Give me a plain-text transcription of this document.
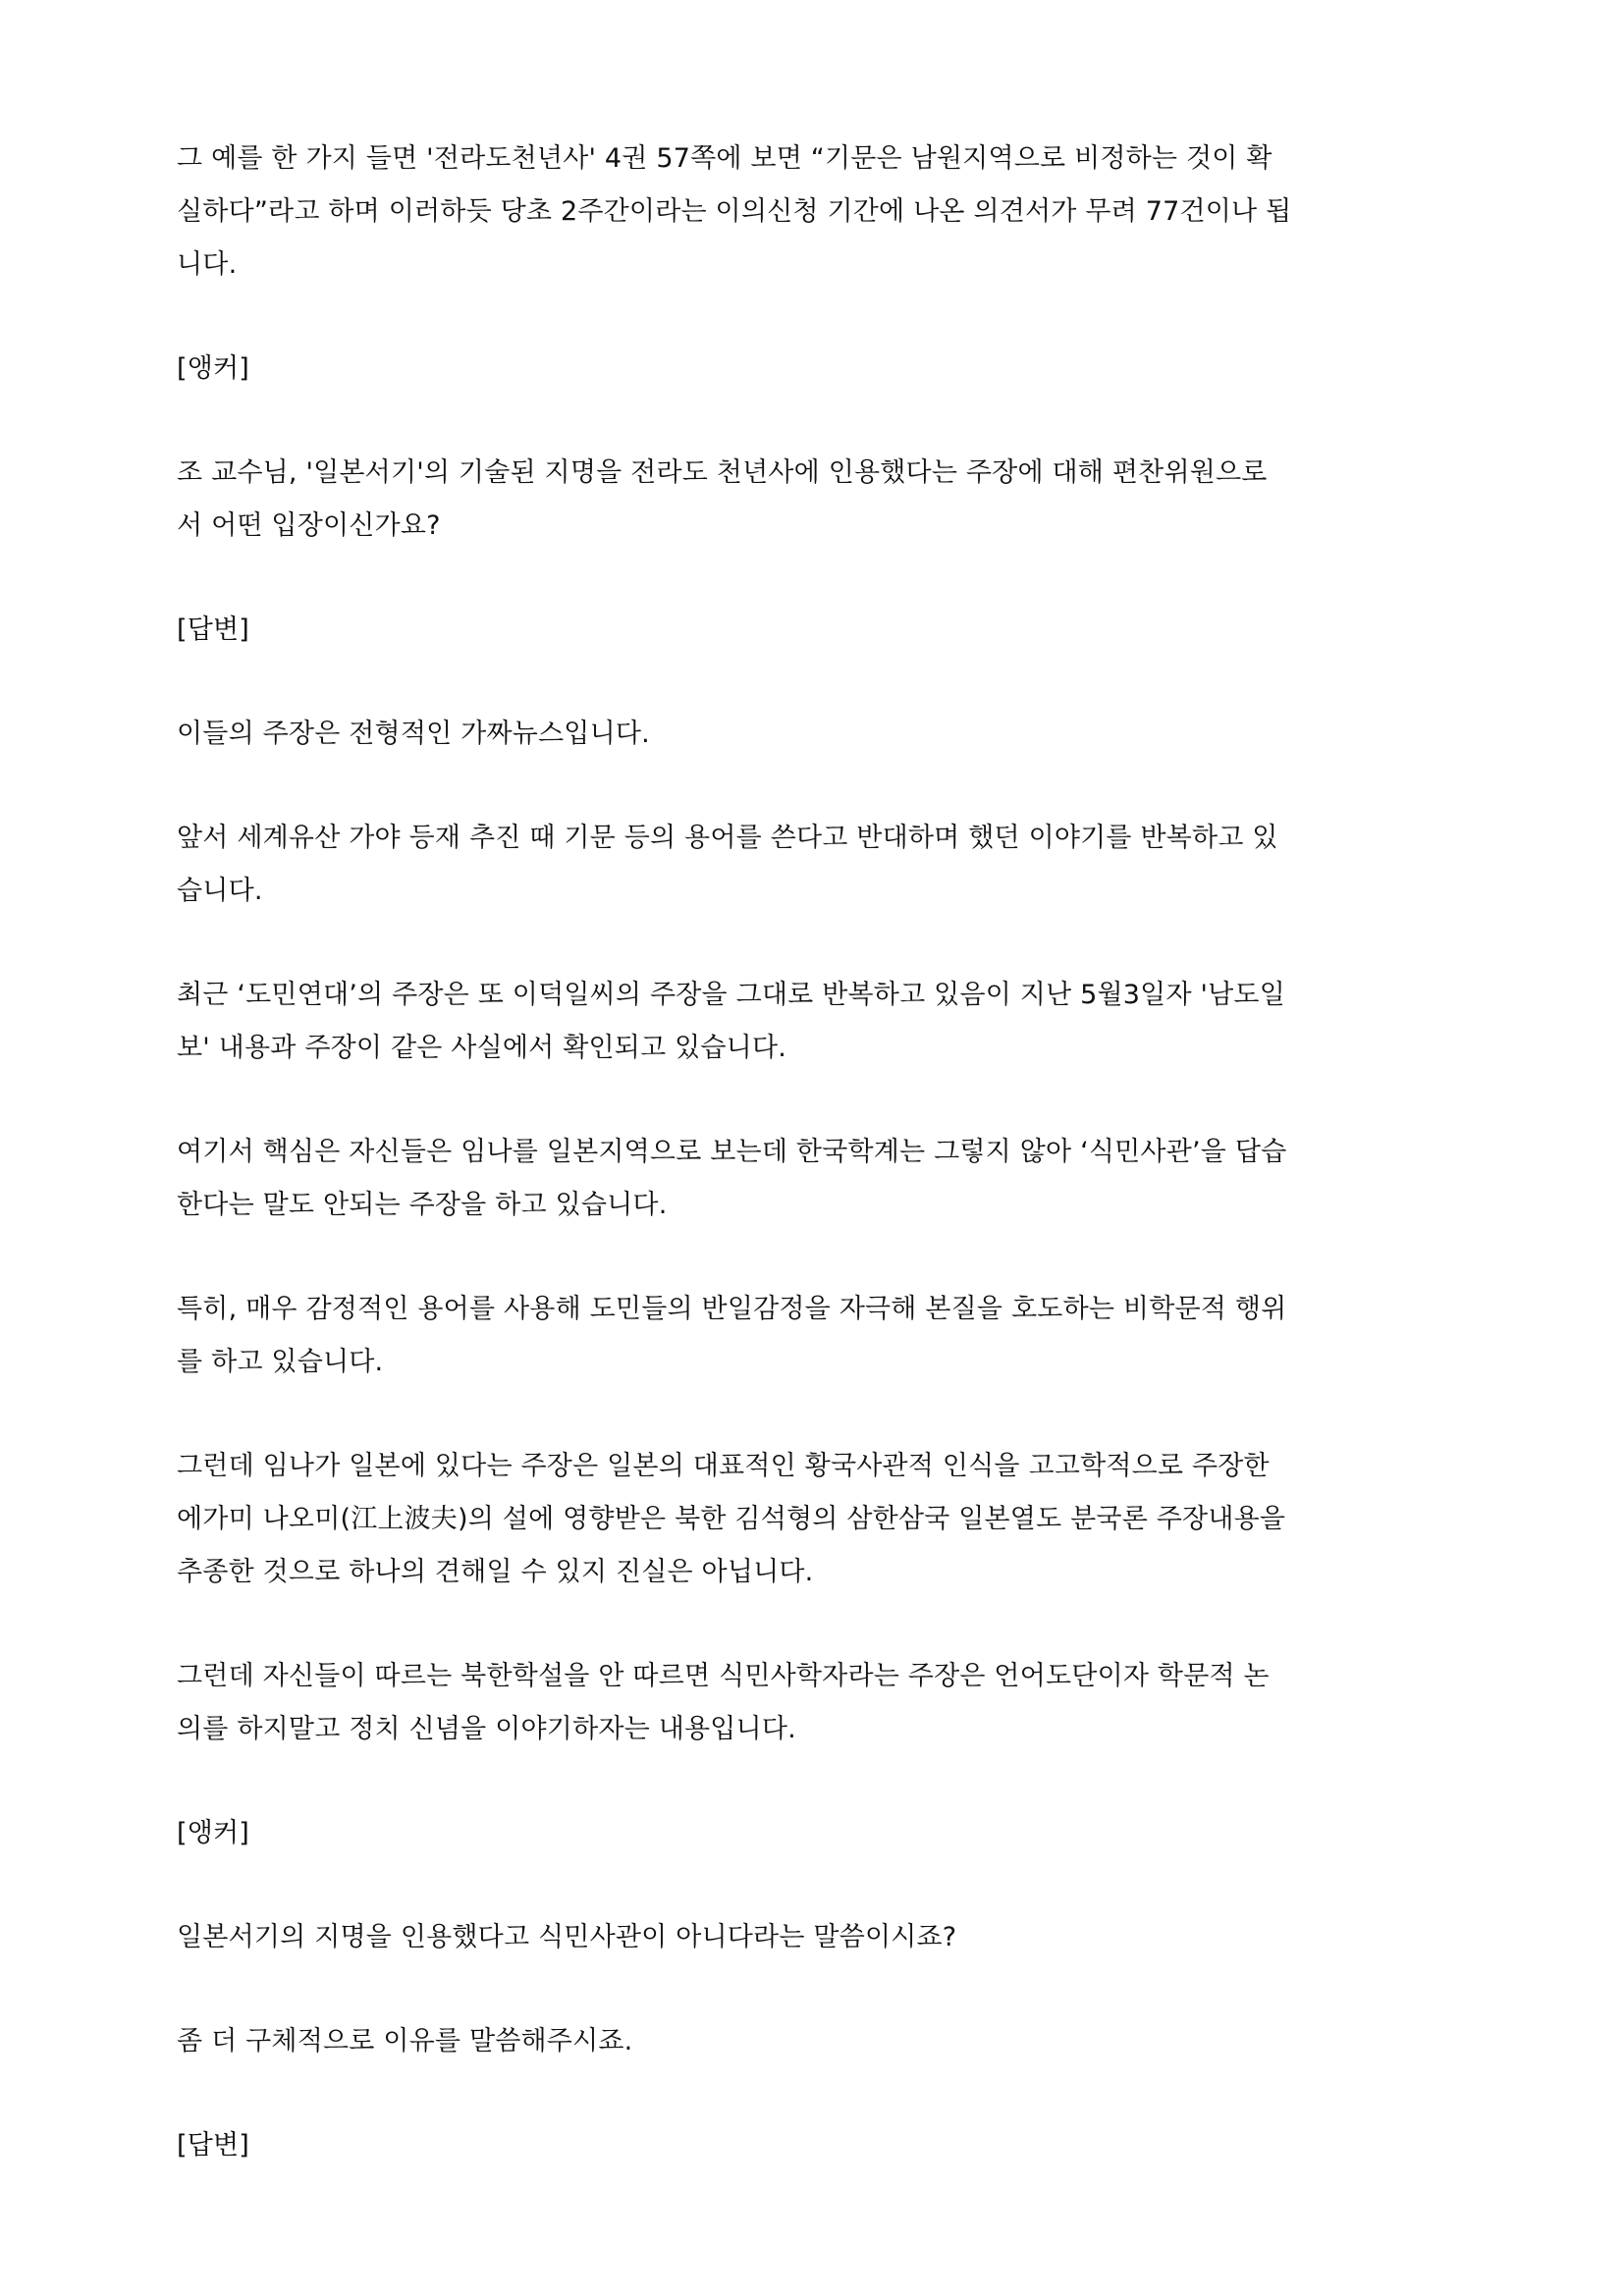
그 예를 한 가지 들면 '전라도천년사' 4권 57쪽에 보면 “기문은 남원지역으로 비정하는 것이 확
실하다”라고 하며 이러하듯 당초 2주간이라는 이의신청 기간에 나온 의견서가 무려 77건이나 됩
니다.
[앵커]
조 교수님, '일본서기'의 기술된 지명을 전라도 천년사에 인용했다는 주장에 대해 편찬위원으로
서 어떤 입장이신가요?
[답변]
이들의 주장은 전형적인 가짜뉴스입니다.
앞서 세계유산 가야 등재 추진 때 기문 등의 용어를 쓴다고 반대하며 했던 이야기를 반복하고 있
습니다.
최근 ‘도민연대’의 주장은 또 이덕일씨의 주장을 그대로 반복하고 있음이 지난 5월3일자 '남도일
보' 내용과 주장이 같은 사실에서 확인되고 있습니다.
여기서 핵심은 자신들은 임나를 일본지역으로 보는데 한국학계는 그렇지 않아 ‘식민사관’을 답습
한다는 말도 안되는 주장을 하고 있습니다.
특히, 매우 감정적인 용어를 사용해 도민들의 반일감정을 자극해 본질을 호도하는 비학문적 행위
를 하고 있습니다.
그런데 임나가 일본에 있다는 주장은 일본의 대표적인 황국사관적 인식을 고고학적으로 주장한
에가미 나오미(江上波夫)의 설에 영향받은 북한 김석형의 삼한삼국 일본열도 분국론 주장내용을
추종한 것으로 하나의 견해일 수 있지 진실은 아닙니다.
그런데 자신들이 따르는 북한학설을 안 따르면 식민사학자라는 주장은 언어도단이자 학문적 논
의를 하지말고 정치 신념을 이야기하자는 내용입니다.
[앵커]
일본서기의 지명을 인용했다고 식민사관이 아니다라는 말씀이시죠?
좀 더 구체적으로 이유를 말씀해주시죠.
[답변]
